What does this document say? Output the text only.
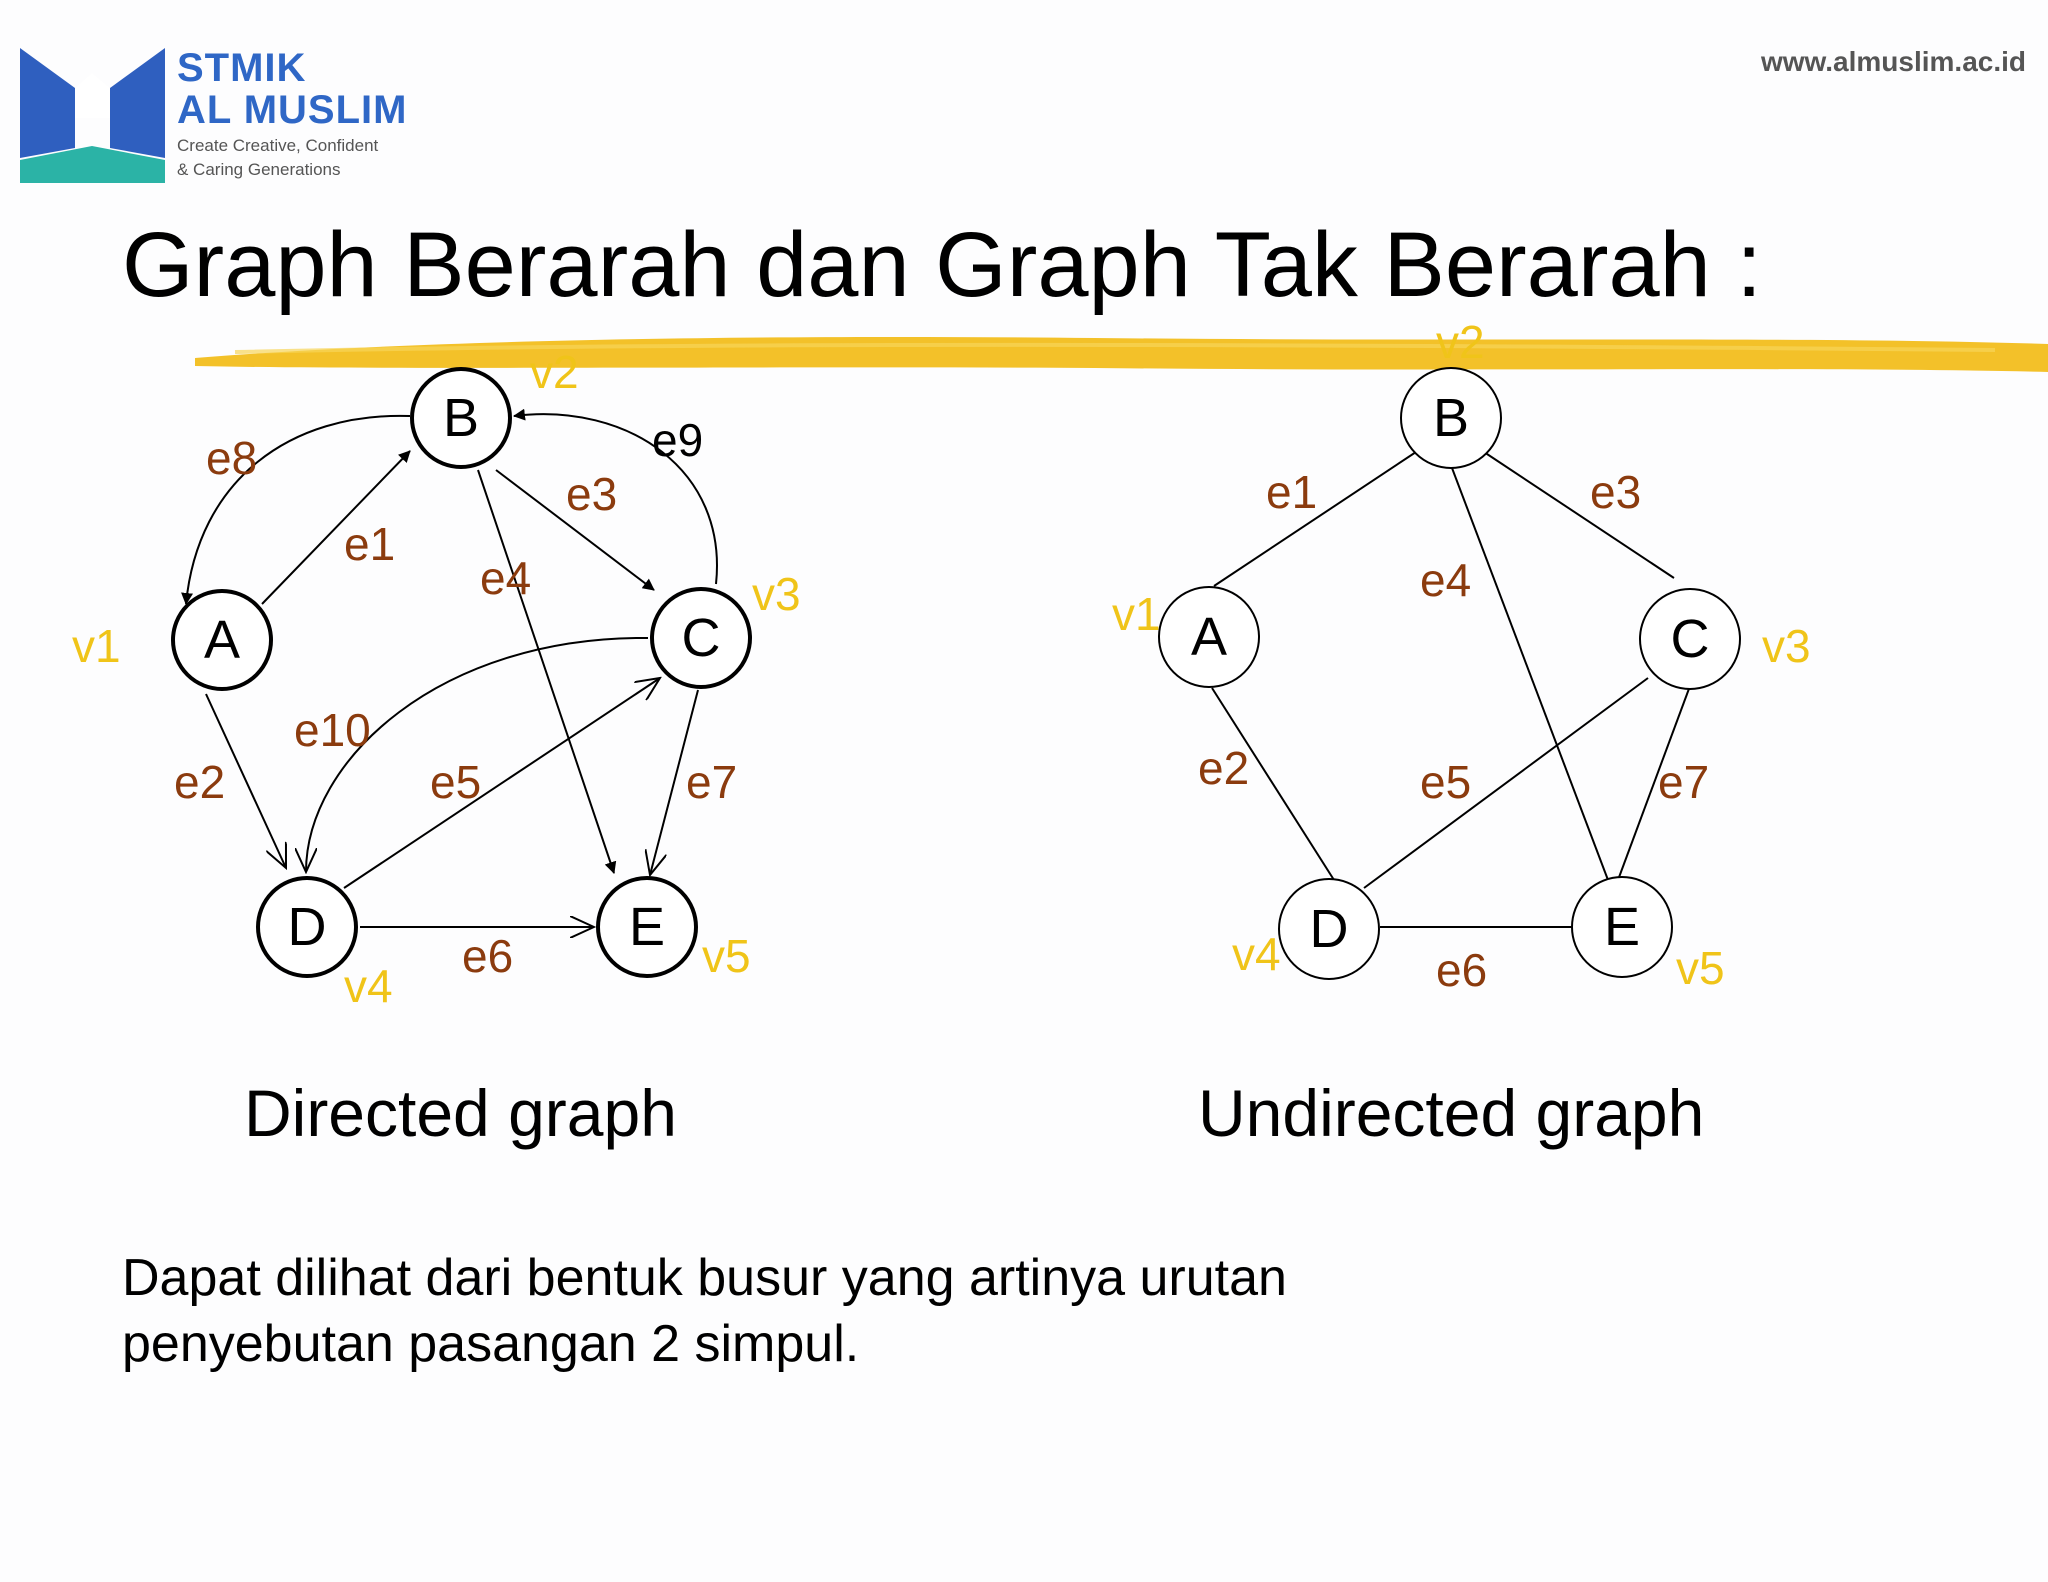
STMIK
AL MUSLIM
Create Creative, Confident
& Caring Generations
www.almuslim.ac.id
Graph Berarah dan Graph Tak Berarah :
A
B
C
D	E
v1
v2
v3
v4
v5
e1
e2
e3
e4
e5
e6
e7
e8	e9
e10
A
B
C
D	E
v1
v2
v3
v4	v5
e1
e2
e3
e4
e5
e6
e7
Directed graph	Undirected graph
Dapat dilihat dari bentuk busur yang artinya urutan
penyebutan pasangan 2 simpul.
